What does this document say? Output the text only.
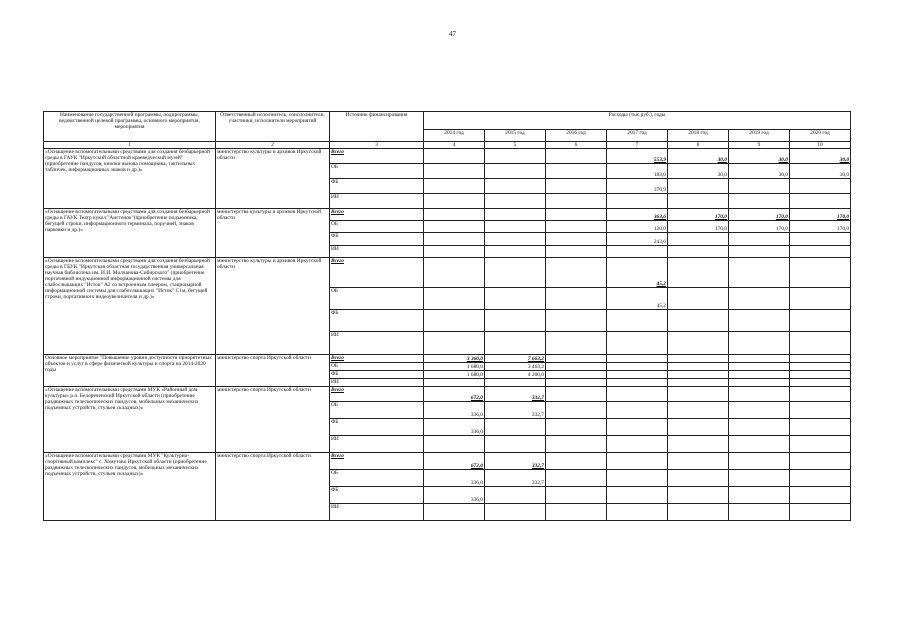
47
Наименование государственной программы, подпрограммы, ведомственной целевой программы, основного мероприятия, мероприятия	Ответственный исполнитель, соисполнители, участники, исполнители мероприятий	Источник финансирования	Расходы (тыс.руб.), годы						
			2014 год	2015 год	2016 год	2017 год	2018 год	2019 год	2020 год
1	2	3	4	5	6	7	8	9	10
«Оснащение вспомогательными средствами для создания безбарьерной среды в ГАУК "Иркутский областной краеведческий музей" (приобретение пандусов, кнопки вызова помощника, тактильных табличек, информационных знаков и др.)»	министерство культуры и архивов Иркутской области	Всего				553,9	30,0	30,0	30,0
		ОБ				183,0	30,0	30,0	30,0
		ФБ				370,9			
		ИИ							
«Оснащение вспомогательными средствами для создания безбарьерной среды в ГАУК Театр кукол "Аистенок"(приобретение подъемника, бегущей строки, информационного терминала, поручней, знаков парковки и др.)»	министерства культуры и архивов Иркутской области	Всего				363,6	170,0	170,0	170,0
		ОБ				120,0	170,0	170,0	170,0
		ФБ				243,6			
		ИИ							
«Оснащение вспомогательными средствами для создания безбарьерной среды в ГБУК "Иркутская областная государственная универсальная научная библиотека им. И.И. Молчанова-Сибирского" (приобретение портативной индукционной информационной системы для слабослышащих "Исток" А2 со встроенным плеером, стационарной информационной системы для слабослышащих "Исток" С1м, бегущей строки, портативного видеоувеличителя и др.)»	министерство культуры и архивов Иркутской области	Всего				45,2			
		ОБ				45,2			
		ФБ							
		ИИ							
Основное мероприятие "Повышение уровня доступности приоритетных объектов и услуг в сфере физической культуры и спорта на 2014-2020 годы	министерство спорта Иркутской области	Всего	3 360,0	7 663,2					
		ОБ	1 680,0	3 463,2					
		ФБ	1 680,0	4 200,0					
		ИИ							
«Оснащение вспомогательными средствами МУК «Районный дом культуры» р.п. Белореченский Иркутской области (приобретение раздвижных телескопических пандусов, мобильных механических подъемных устройств, стульев складных)»	министерство спорта Иркутской области	Всего	672,0	332,7					
		ОБ	336,0	332,7					
		ФБ	336,0						
		ИИ							
«Оснащение вспомогательными средствами МУК "Культурно-спортивный комплекс" с. Хомутово Иркутской области (приобретение раздвижных телескопических пандусов, мобильных механических подъемных устройств, стульев складных)»	министерство спорта Иркутской области	Всего	672,0	332,7					
		ОБ	336,0	332,7					
		ФБ	336,0						
		ИИ							
